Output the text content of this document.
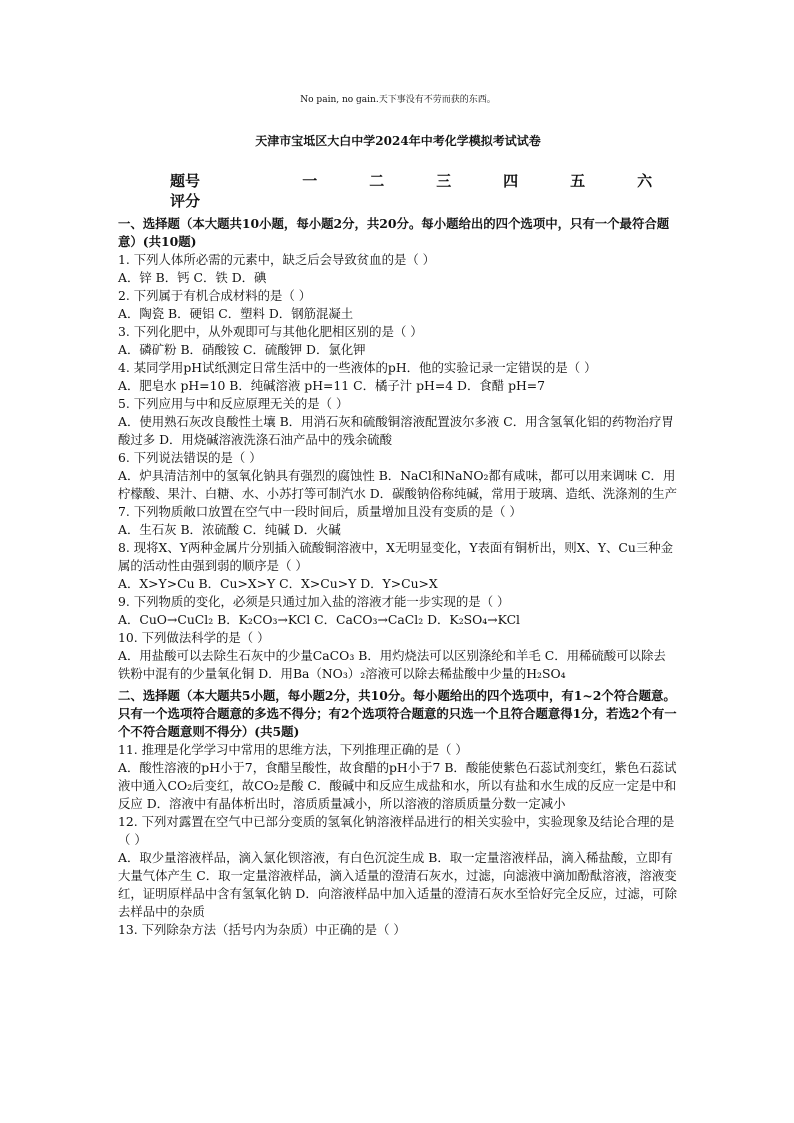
No pain, no gain.天下事没有不劳而获的东西。
天津市宝坻区大白中学2024年中考化学模拟考试试卷
题号	一	二	三	四	五	六
评分
一、选择题（本大题共10小题，每小题2分，共20分。每小题给出的四个选项中，只有一个最符合题意）(共10题)
1. 下列人体所必需的元素中，缺乏后会导致贫血的是（ ）
A．锌 B．钙 C．铁 D．碘
2. 下列属于有机合成材料的是（ ）
A．陶瓷 B．硬铝 C．塑料 D．钢筋混凝土
3. 下列化肥中，从外观即可与其他化肥相区别的是（ ）
A．磷矿粉 B．硝酸铵 C．硫酸钾 D．氯化钾
4. 某同学用pH试纸测定日常生活中的一些液体的pH．他的实验记录一定错误的是（ ）
A．肥皂水 pH=10 B．纯碱溶液 pH=11 C．橘子汁 pH=4 D．食醋 pH=7
5. 下列应用与中和反应原理无关的是（ ）
A．使用熟石灰改良酸性土壤 B．用消石灰和硫酸铜溶液配置波尔多液 C．用含氢氧化铝的药物治疗胃酸过多 D．用烧碱溶液洗涤石油产品中的残余硫酸
6. 下列说法错误的是（ ）
A．炉具清洁剂中的氢氧化钠具有强烈的腐蚀性 B．NaCl和NaNO₂都有咸味，都可以用来调味 C．用柠檬酸、果汁、白糖、水、小苏打等可制汽水 D．碳酸钠俗称纯碱，常用于玻璃、造纸、洗涤剂的生产
7. 下列物质敞口放置在空气中一段时间后，质量增加且没有变质的是（ ）
A．生石灰 B．浓硫酸 C．纯碱 D．火碱
8. 现将X、Y两种金属片分别插入硫酸铜溶液中，X无明显变化，Y表面有铜析出，则X、Y、Cu三种金属的活动性由强到弱的顺序是（ ）
A．X>Y>Cu B．Cu>X>Y C．X>Cu>Y D．Y>Cu>X
9. 下列物质的变化，必须是只通过加入盐的溶液才能一步实现的是（ ）
A．CuO→CuCl₂ B．K₂CO₃→KCl C．CaCO₃→CaCl₂ D．K₂SO₄→KCl
10. 下列做法科学的是（ ）
A．用盐酸可以去除生石灰中的少量CaCO₃ B．用灼烧法可以区别涤纶和羊毛 C．用稀硫酸可以除去铁粉中混有的少量氧化铜 D．用Ba（NO₃）₂溶液可以除去稀盐酸中少量的H₂SO₄
二、选择题（本大题共5小题，每小题2分，共10分。每小题给出的四个选项中，有1~2个符合题意。只有一个选项符合题意的多选不得分；有2个选项符合题意的只选一个且符合题意得1分，若选2个有一个不符合题意则不得分）(共5题)
11. 推理是化学学习中常用的思维方法，下列推理正确的是（ ）
A．酸性溶液的pH小于7，食醋呈酸性，故食醋的pH小于7 B．酸能使紫色石蕊试剂变红，紫色石蕊试液中通入CO₂后变红，故CO₂是酸 C．酸碱中和反应生成盐和水，所以有盐和水生成的反应一定是中和反应 D．溶液中有晶体析出时，溶质质量减小，所以溶液的溶质质量分数一定减小
12. 下列对露置在空气中已部分变质的氢氧化钠溶液样品进行的相关实验中，实验现象及结论合理的是（ ）
A．取少量溶液样品，滴入氯化钡溶液，有白色沉淀生成 B．取一定量溶液样品，滴入稀盐酸，立即有大量气体产生 C．取一定量溶液样品，滴入适量的澄清石灰水，过滤，向滤液中滴加酚酞溶液，溶液变红，证明原样品中含有氢氧化钠 D．向溶液样品中加入适量的澄清石灰水至恰好完全反应，过滤，可除去样品中的杂质
13. 下列除杂方法（括号内为杂质）中正确的是（ ）
